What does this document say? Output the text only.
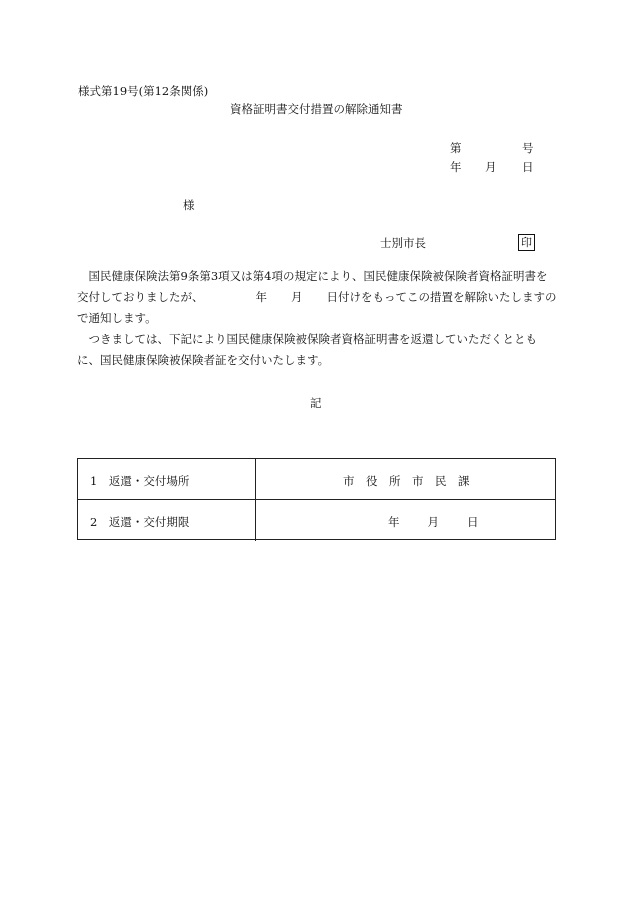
様式第19号(第12条関係)
資格証明書交付措置の解除通知書
第	号
年 月 日
様
士別市長	印

国民健康保険法第9条第3項又は第4項の規定により、国民健康保険被保険者資格証明書を交付しておりましたが、	年 月 日付けをもってこの措置を解除いたしますので通知します。

つきましては、下記により国民健康保険被保険者資格証明書を返還していただくとともに、国民健康保険被保険者証を交付いたします。

記
1　返還・交付場所	市　役　所　市　民　課
2　返還・交付期限	年 月 日
